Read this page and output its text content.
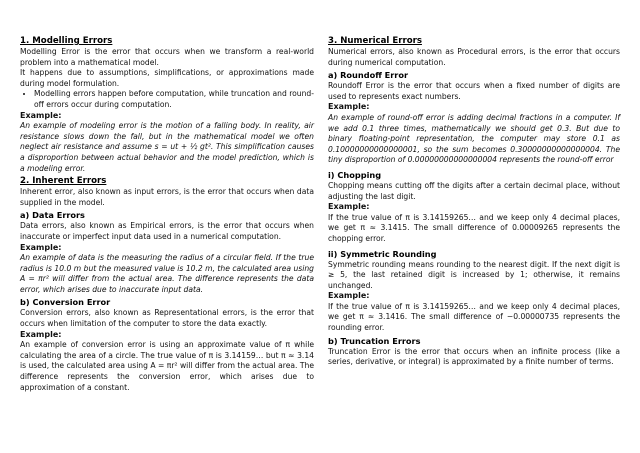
1. Modelling Errors

Modelling Error is the error that occurs when we transform a real-world problem into a mathematical model.

It happens due to assumptions, simplifications, or approximations made during model formulation.

• Modelling errors happen before computation, while truncation and round-off errors occur during computation.
Example:

An example of modeling error is the motion of a falling body. In reality, air resistance slows down the fall, but in the mathematical model we often neglect air resistance and assume s = ut + ½ gt². This simplification causes a disproportion between actual behavior and the model prediction, which is a modeling error.

2. Inherent Errors

Inherent error, also known as input errors, is the error that occurs when data supplied in the model.

a) Data Errors

Data errors, also known as Empirical errors, is the error that occurs when inaccurate or imperfect input data used in a numerical computation.

Example:

An example of data is the measuring the radius of a circular field. If the true radius is 10.0 m but the measured value is 10.2 m, the calculated area using A = πr² will differ from the actual area. The difference represents the data error, which arises due to inaccurate input data.

b) Conversion Error

Conversion errors, also known as Representational errors, is the error that occurs when limitation of the computer to store the data exactly.

Example:

An example of conversion error is using an approximate value of π while calculating the area of a circle. The true value of π is 3.14159… but π ≈ 3.14 is used, the calculated area using A = πr² will differ from the actual area. The difference represents the conversion error, which arises due to approximation of a constant.

3. Numerical Errors

Numerical errors, also known as Procedural errors, is the error that occurs during numerical computation.

a) Roundoff Error

Roundoff Error is the error that occurs when a fixed number of digits are used to represents exact numbers.

Example:

An example of round-off error is adding decimal fractions in a computer. If we add 0.1 three times, mathematically we should get 0.3. But due to binary floating-point representation, the computer may store 0.1 as 0.10000000000000001, so the sum becomes 0.30000000000000004. The tiny disproportion of 0.00000000000000004 represents the round-off error

i) Chopping

Chopping means cutting off the digits after a certain decimal place, without adjusting the last digit.

Example:

If the true value of π is 3.14159265… and we keep only 4 decimal places, we get π ≈ 3.1415. The small difference of 0.00009265 represents the chopping error.

ii) Symmetric Rounding

Symmetric rounding means rounding to the nearest digit. If the next digit is ≥ 5, the last retained digit is increased by 1; otherwise, it remains unchanged.

Example:

If the true value of π is 3.14159265… and we keep only 4 decimal places, we get π ≈ 3.1416. The small difference of −0.00000735 represents the rounding error.

b) Truncation Errors

Truncation Error is the error that occurs when an infinite process (like a series, derivative, or integral) is approximated by a finite number of terms.
